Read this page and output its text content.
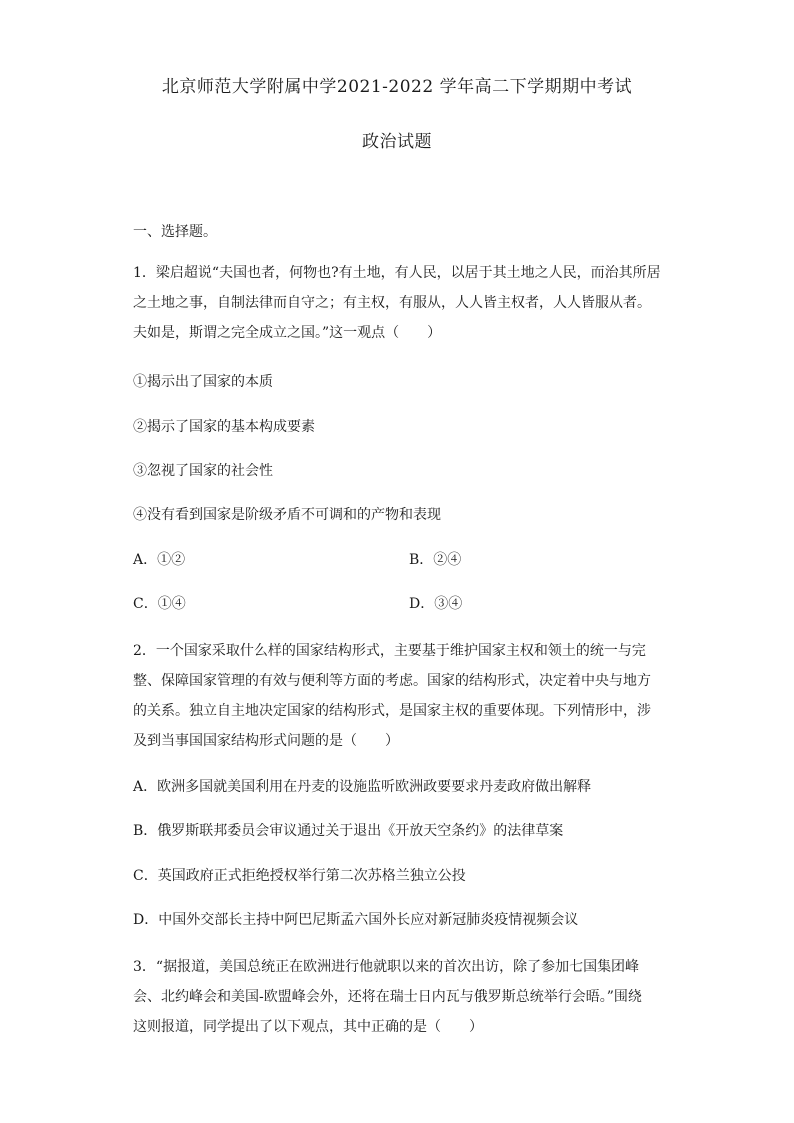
北京师范大学附属中学2021-2022 学年高二下学期期中考试
政治试题
一、选择题。

1．梁启超说“夫国也者，何物也?有土地，有人民，以居于其土地之人民，而治其所居

之土地之事，自制法律而自守之；有主权，有服从，人人皆主权者，人人皆服从者。

夫如是，斯谓之完全成立之国。”这一观点（　　）

①揭示出了国家的本质
②揭示了国家的基本构成要素
③忽视了国家的社会性
④没有看到国家是阶级矛盾不可调和的产物和表现
A．①②	B．②④
C．①④	D．③④

2．一个国家采取什么样的国家结构形式，主要基于维护国家主权和领土的统一与完

整、保障国家管理的有效与便利等方面的考虑。国家的结构形式，决定着中央与地方

的关系。独立自主地决定国家的结构形式，是国家主权的重要体现。下列情形中，涉

及到当事国国家结构形式问题的是（　　）

A．欧洲多国就美国利用在丹麦的设施监听欧洲政要要求丹麦政府做出解释
B．俄罗斯联邦委员会审议通过关于退出《开放天空条约》的法律草案
C．英国政府正式拒绝授权举行第二次苏格兰独立公投
D．中国外交部长主持中阿巴尼斯孟六国外长应对新冠肺炎疫情视频会议

3．“据报道，美国总统正在欧洲进行他就职以来的首次出访，除了参加七国集团峰

会、北约峰会和美国-欧盟峰会外，还将在瑞士日内瓦与俄罗斯总统举行会晤。”围绕

这则报道，同学提出了以下观点，其中正确的是（　　）
